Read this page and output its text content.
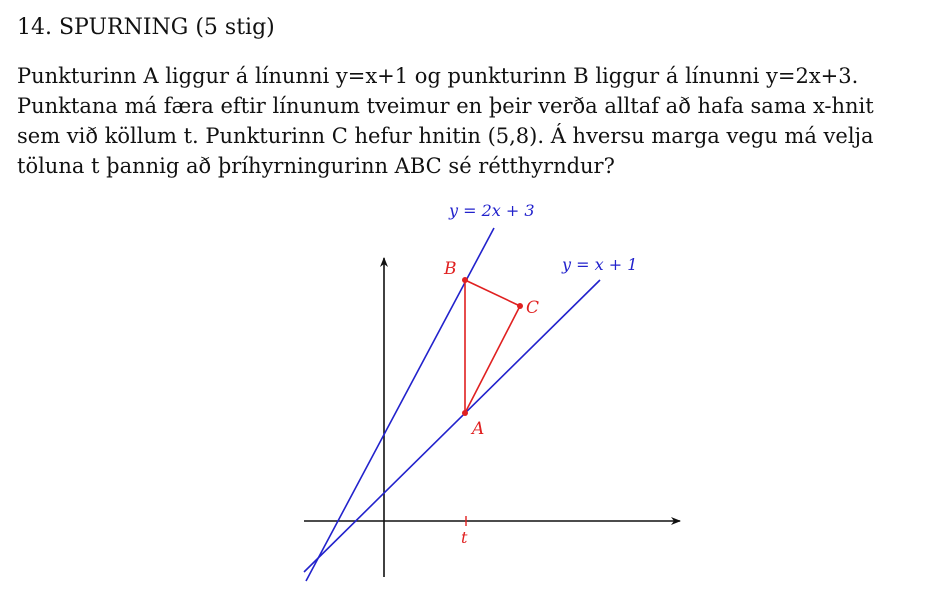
14. SPURNING (5 stig)
Punkturinn A liggur á línunni y=x+1 og punkturinn B liggur á línunni y=2x+3.
Punktana má færa eftir línunum tveimur en þeir verða alltaf að hafa sama x-hnit
sem við köllum t. Punkturinn C hefur hnitin (5,8). Á hversu marga vegu má velja
töluna t þannig að þríhyrningurinn ABC sé rétthyrndur?
t
y = 2x + 3
y = x + 1
B
C
A
